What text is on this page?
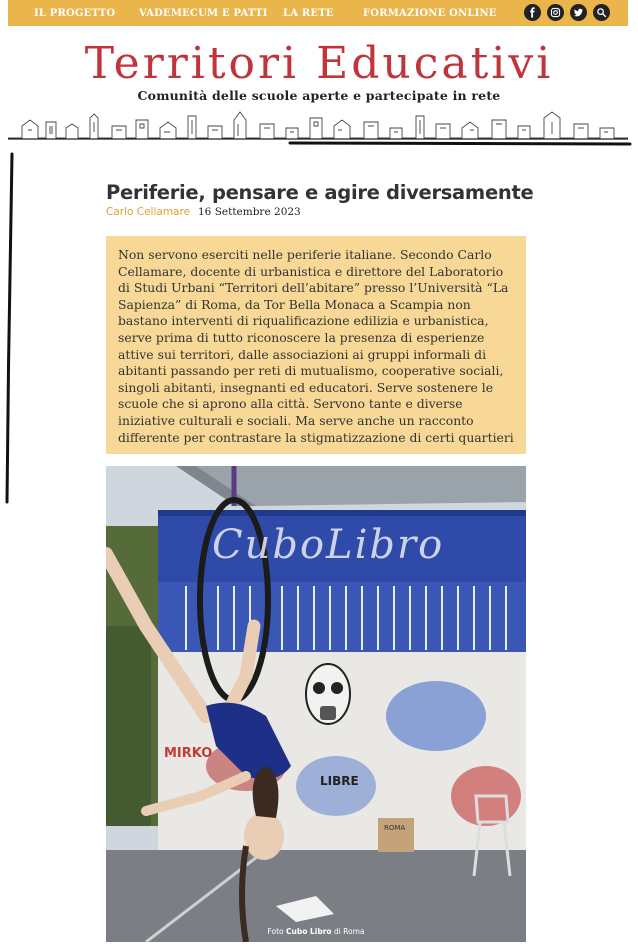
IL PROGETTO VADEMECUM E PATTI LA RETE	FORMAZIONE ONLINE
Territori Educativi
Comunità delle scuole aperte e partecipate in rete
Periferie, pensare e agire diversamente
Carlo Cellamare 16 Settembre 2023
Non servono eserciti nelle periferie italiane. Secondo Carlo Cellamare, docente di urbanistica e direttore del Laboratorio di Studi Urbani “Territori dell’abitare” presso l’Università “La Sapienza” di Roma, da Tor Bella Monaca a Scampia non bastano interventi di riqualificazione edilizia e urbanistica, serve prima di tutto riconoscere la presenza di esperienze attive sui territori, dalle associazioni ai gruppi informali di abitanti passando per reti di mutualismo, cooperative sociali, singoli abitanti, insegnanti ed educatori. Serve sostenere le scuole che si aprono alla città. Servono tante e diverse iniziative culturali e sociali. Ma serve anche un racconto differente per contrastare la stigmatizzazione di certi quartieri
CuboLibro
MIRKO
LIBRE
ROMA
Foto Cubo Libro di Roma
